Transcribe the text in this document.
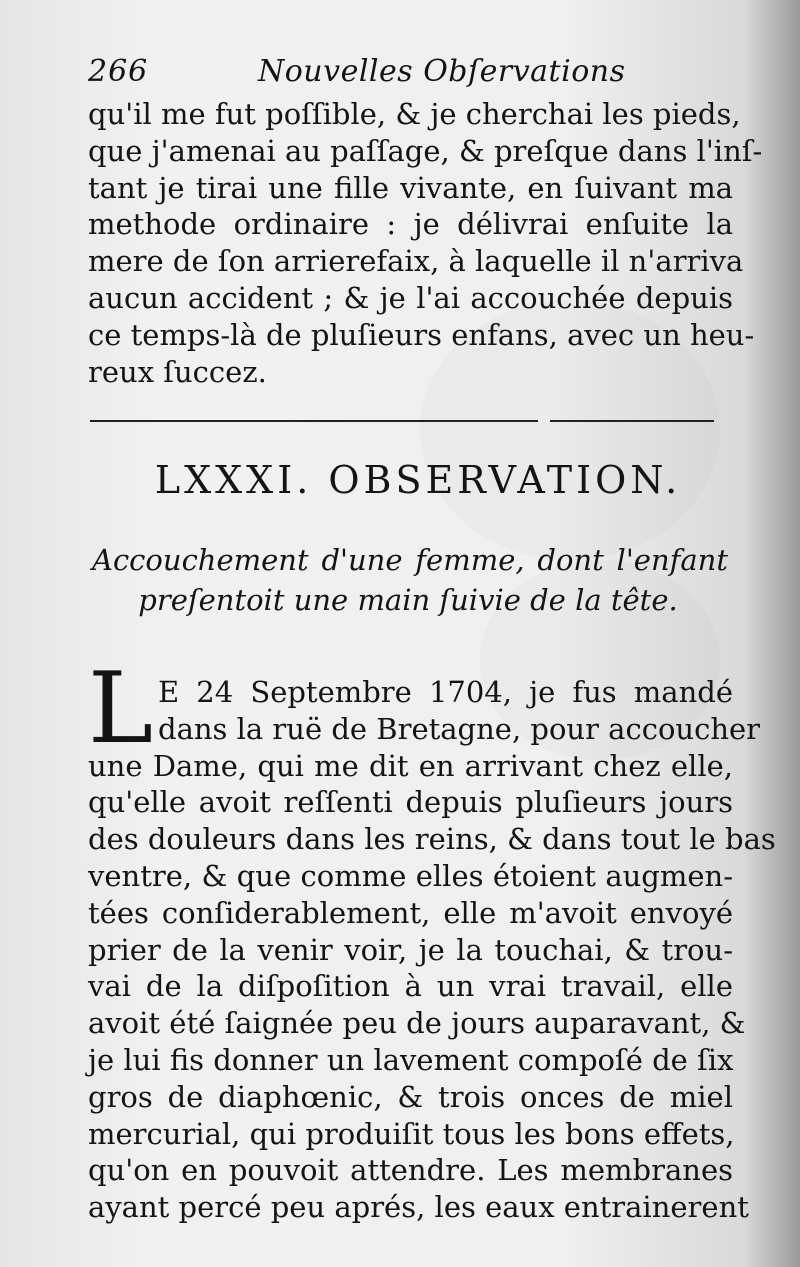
266	Nouvelles Obſervations
qu'il me fut poſſible, & je cherchai les pieds,
que j'amenai au paſſage, & preſque dans l'inſ-
tant je tirai une fille vivante, en ſuivant ma
methode ordinaire : je délivrai enſuite la
mere de ſon arrierefaix, à laquelle il n'arriva
aucun accident ; & je l'ai accouchée depuis
ce temps-là de pluſieurs enfans, avec un heu-
reux ſuccez.
LXXXI. OBSERVATION.
Accouchement d'une femme, dont l'enfant
preſentoit une main ſuivie de la tête.
L E 24 Septembre 1704, je fus mandé
dans la ruë de Bretagne, pour accoucher
une Dame, qui me dit en arrivant chez elle,
qu'elle avoit reſſenti depuis pluſieurs jours
des douleurs dans les reins, & dans tout le bas
ventre, & que comme elles étoient augmen-
tées conſiderablement, elle m'avoit envoyé
prier de la venir voir, je la touchai, & trou-
vai de la diſpoſition à un vrai travail, elle
avoit été ſaignée peu de jours auparavant, &
je lui fis donner un lavement compoſé de ſix
gros de diaphœnic, & trois onces de miel
mercurial, qui produiſit tous les bons effets,
qu'on en pouvoit attendre. Les membranes
ayant percé peu aprés, les eaux entrainerent
